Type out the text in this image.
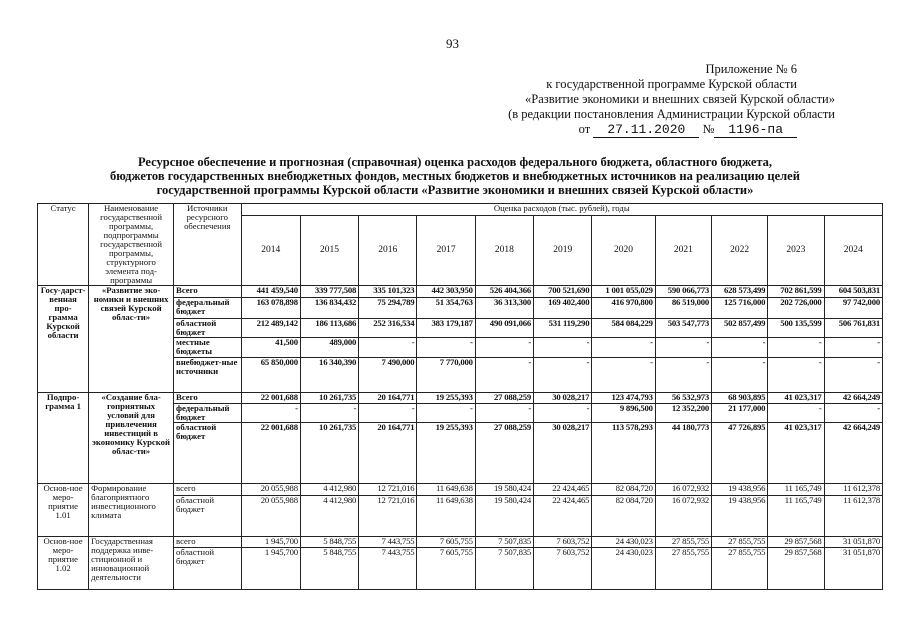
93
Приложение № 6
к государственной программе Курской области
«Развитие экономики и внешних связей Курской области»
(в редакции постановления Администрации Курской области
от 27.11.2020 № 1196-па
Ресурсное обеспечение и прогнозная (справочная) оценка расходов федерального бюджета, областного бюджета,
бюджетов государственных внебюджетных фондов, местных бюджетов и внебюджетных источников на реализацию целей
государственной программы Курской области «Развитие экономики и внешних связей Курской области»
Статус	Наименование государственной программы, подпрограммы государственной программы, структурного элемента под-программы	Источники ресурсного обеспечения	Оценка расходов (тыс. рублей), годы										
			2014	2015	2016	2017	2018	2019	2020	2021	2022	2023	2024
Госу-дарст-венная про-грамма Курской области	«Развитие эко-номики и внешних связей Курской облас-ти»	Всего	441 459,540	339 777,508	335 101,323	442 303,950	526 404,366	700 521,690	1 001 055,029	590 066,773	628 573,499	702 861,599	604 503,831
		федеральный бюджет	163 078,898	136 834,432	75 294,789	51 354,763	36 313,300	169 402,400	416 970,800	86 519,000	125 716,000	202 726,000	97 742,000
		областной бюджет	212 489,142	186 113,686	252 316,534	383 179,187	490 091,066	531 119,290	584 084,229	503 547,773	502 857,499	500 135,599	506 761,831
		местные бюджеты	41,500	489,000	-	-	-	-	-	-	-	-	-
		внебюджет-ные источники	65 850,000	16 340,390	7 490,000	7 770,000	-	-	-	-	-	-	-
Подпро-грамма 1	«Создание бла-гоприятных условий для привлечения инвестиций в экономику Курской облас-ти»	Всего	22 001,688	10 261,735	20 164,771	19 255,393	27 088,259	30 028,217	123 474,793	56 532,973	68 903,895	41 023,317	42 664,249
		федеральный бюджет	-	-	-	-	-	-	9 896,500	12 352,200	21 177,000	-	-
		областной бюджет	22 001,688	10 261,735	20 164,771	19 255,393	27 088,259	30 028,217	113 578,293	44 180,773	47 726,895	41 023,317	42 664,249
Основ-ное меро-приятие 1.01	Формирование благоприятного инвестиционного климата	всего	20 055,988	4 412,980	12 721,016	11 649,638	19 580,424	22 424,465	82 084,720	16 072,932	19 438,956	11 165,749	11 612,378
		областной бюджет	20 055,988	4 412,980	12 721,016	11 649,638	19 580,424	22 424,465	82 084,720	16 072,932	19 438,956	11 165,749	11 612,378
Основ-ное меро-приятие 1.02	Государственная поддержка инве-стиционной и инновационной деятельности	всего	1 945,700	5 848,755	7 443,755	7 605,755	7 507,835	7 603,752	24 430,023	27 855,755	27 855,755	29 857,568	31 051,870
		областной бюджет	1 945,700	5 848,755	7 443,755	7 605,755	7 507,835	7 603,752	24 430,023	27 855,755	27 855,755	29 857,568	31 051,870
